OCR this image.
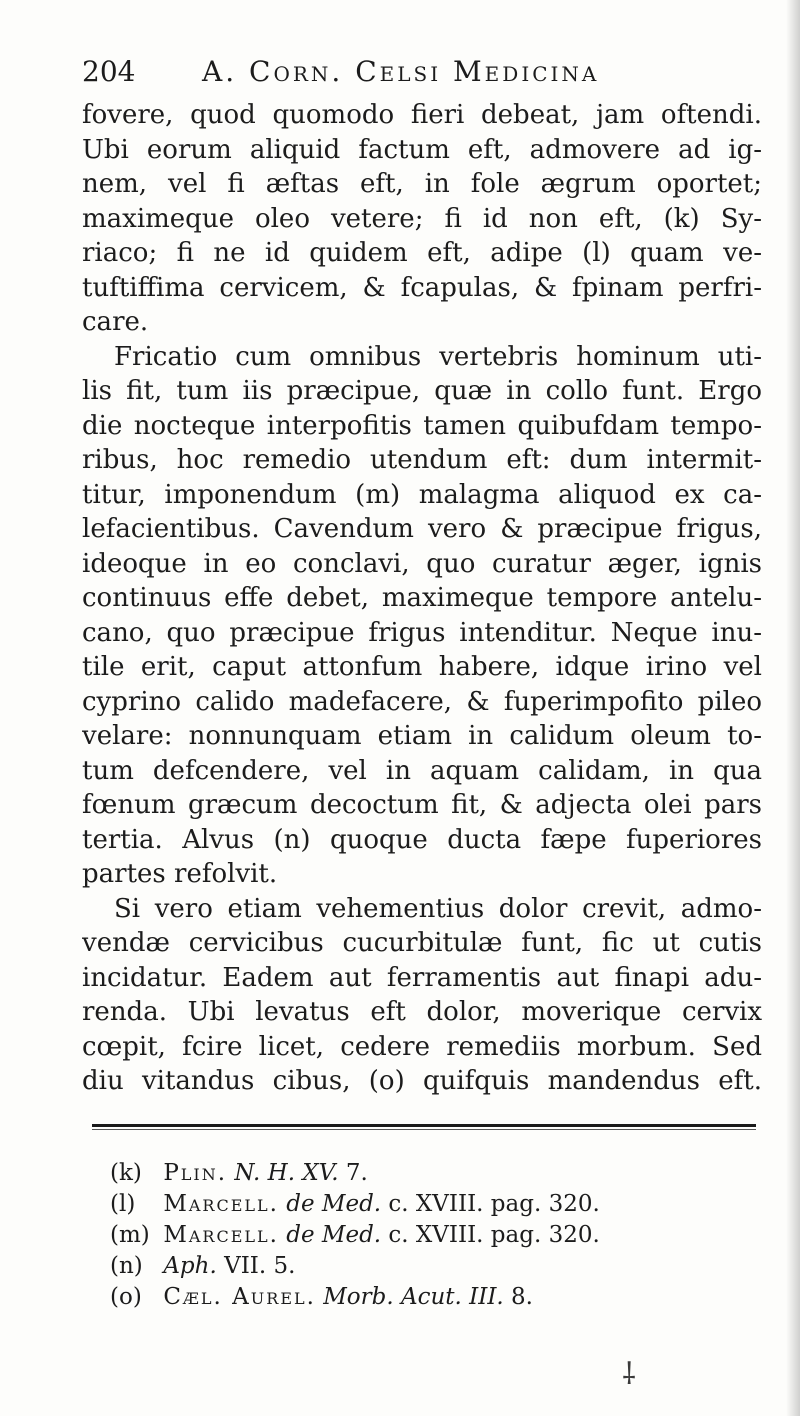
204 A. Corn. Celsi Medicina
fovere, quod quomodo fieri debeat, jam oftendi.
Ubi eorum aliquid factum eft, admovere ad ig-
nem, vel fi æftas eft, in fole ægrum oportet;
maximeque oleo vetere; fi id non eft, (k) Sy-
riaco; fi ne id quidem eft, adipe (l) quam ve-
tuftiffima cervicem, & fcapulas, & fpinam perfri-
care.
Fricatio cum omnibus vertebris hominum uti-
lis fit, tum iis præcipue, quæ in collo funt. Ergo
die nocteque interpofitis tamen quibufdam tempo-
ribus, hoc remedio utendum eft: dum intermit-
titur, imponendum (m) malagma aliquod ex ca-
lefacientibus. Cavendum vero & præcipue frigus,
ideoque in eo conclavi, quo curatur æger, ignis
continuus effe debet, maximeque tempore antelu-
cano, quo præcipue frigus intenditur. Neque inu-
tile erit, caput attonfum habere, idque irino vel
cyprino calido madefacere, & fuperimpofito pileo
velare: nonnunquam etiam in calidum oleum to-
tum defcendere, vel in aquam calidam, in qua
fœnum græcum decoctum fit, & adjecta olei pars
tertia. Alvus (n) quoque ducta fæpe fuperiores
partes refolvit.
Si vero etiam vehementius dolor crevit, admo-
vendæ cervicibus cucurbitulæ funt, fic ut cutis
incidatur. Eadem aut ferramentis aut finapi adu-
renda. Ubi levatus eft dolor, moverique cervix
cœpit, fcire licet, cedere remediis morbum. Sed
diu vitandus cibus, (o) quifquis mandendus eft.
(k) Plin. N. H. XV. 7.
(l) Marcell. de Med. c. XVIII. pag. 320.
(m) Marcell. de Med. c. XVIII. pag. 320.
(n) Aph. VII. 5.
(o) Cæl. Aurel. Morb. Acut. III. 8.
⸸
